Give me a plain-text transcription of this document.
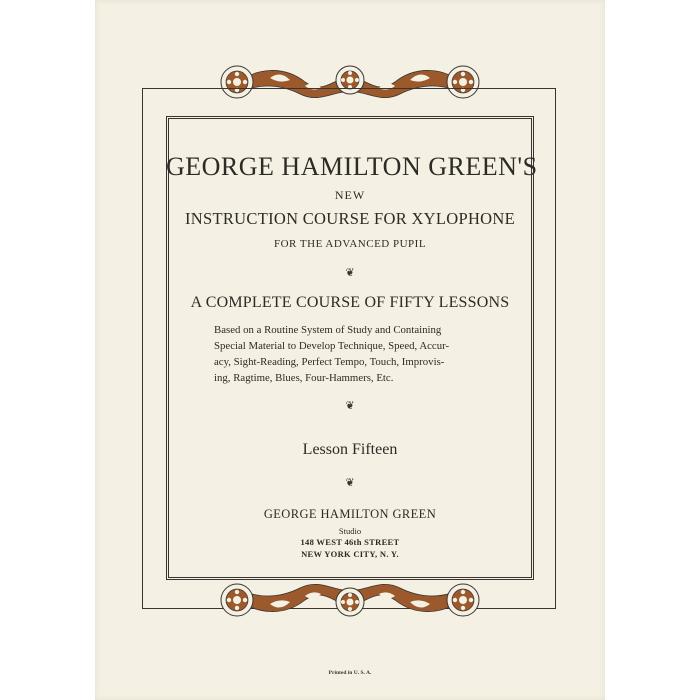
GEORGE HAMILTON GREEN'S
NEW
INSTRUCTION COURSE FOR XYLOPHONE
FOR THE ADVANCED PUPIL
❦
A COMPLETE COURSE OF FIFTY LESSONS
Based on a Routine System of Study and Containing
Special Material to Develop Technique, Speed, Accur-
acy, Sight-Reading, Perfect Tempo, Touch, Improvis-
ing, Ragtime, Blues, Four-Hammers, Etc.
❦
Lesson Fifteen
❦
GEORGE HAMILTON GREEN
Studio
148 WEST 46th STREET
NEW YORK CITY, N. Y.
Printed in U. S. A.
